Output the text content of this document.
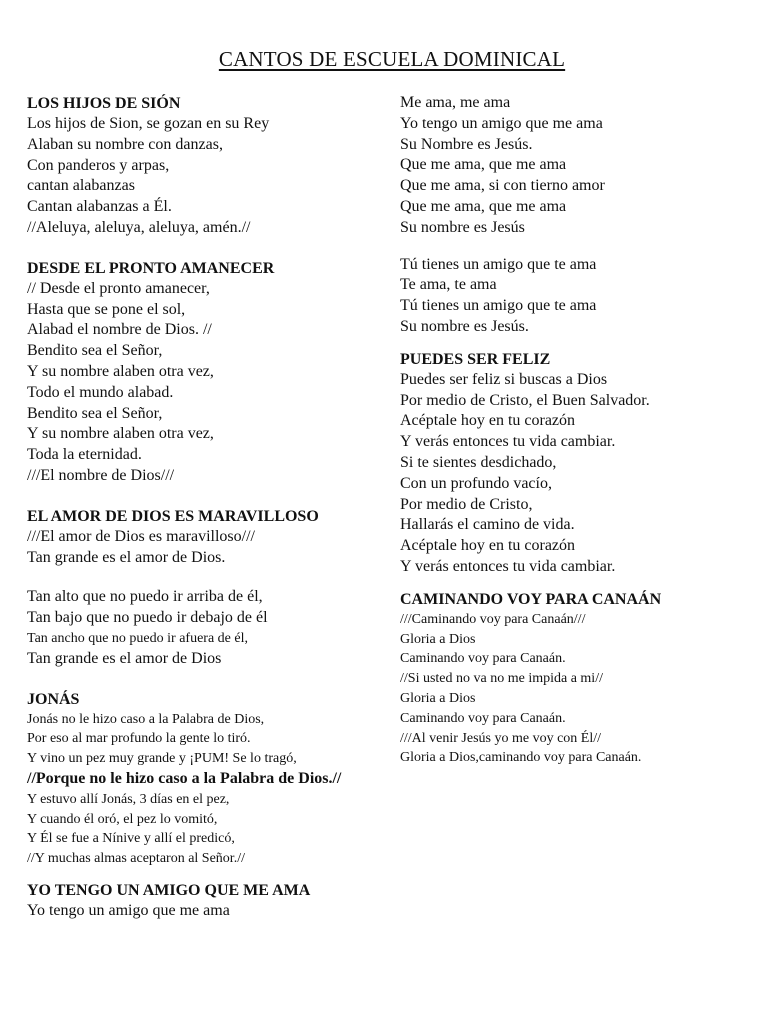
CANTOS DE ESCUELA DOMINICAL
LOS HIJOS DE SIÓN
Los hijos de Sion, se gozan en su Rey
Alaban su nombre con danzas,
Con panderos y arpas,
cantan alabanzas
Cantan alabanzas a Él.
//Aleluya, aleluya, aleluya, amén.//
DESDE EL PRONTO AMANECER
// Desde el pronto amanecer,
Hasta que se pone el sol,
Alabad el nombre de Dios. //
Bendito sea el Señor,
Y su nombre alaben otra vez,
Todo el mundo alabad.
Bendito sea el Señor,
Y su nombre alaben otra vez,
Toda la eternidad.
///El nombre de Dios///
EL AMOR DE DIOS ES MARAVILLOSO
///El amor de Dios es maravilloso///
Tan grande es el amor de Dios.
Tan alto que no puedo ir arriba de él,
Tan bajo que no puedo ir debajo de él
Tan ancho que no puedo ir afuera de él,
Tan grande es el amor de Dios
JONÁS
Jonás no le hizo caso a la Palabra de Dios,
Por eso al mar profundo la gente lo tiró.
Y vino un pez muy grande y ¡PUM! Se lo tragó,
//Porque no le hizo caso a la Palabra de Dios.//
Y estuvo allí Jonás, 3 días en el pez,
Y cuando él oró, el pez lo vomitó,
Y Él se fue a Nínive y allí el predicó,
//Y muchas almas aceptaron al Señor.//
YO TENGO UN AMIGO QUE ME AMA
Yo tengo un amigo que me ama
Me ama, me ama
Yo tengo un amigo que me ama
Su Nombre es Jesús.
Que me ama, que me ama
Que me ama, si con tierno amor
Que me ama, que me ama
Su nombre es Jesús
Tú tienes un amigo que te ama
Te ama, te ama
Tú tienes un amigo que te ama
Su nombre es Jesús.
PUEDES SER FELIZ
Puedes ser feliz si buscas a Dios
Por medio de Cristo, el Buen Salvador.
Acéptale hoy en tu corazón
Y verás entonces tu vida cambiar.
Si te sientes desdichado,
Con un profundo vacío,
Por medio de Cristo,
Hallarás el camino de vida.
Acéptale hoy en tu corazón
Y verás entonces tu vida cambiar.
CAMINANDO VOY PARA CANAÁN
///Caminando voy para Canaán///
Gloria a Dios
Caminando voy para Canaán.
//Si usted no va no me impida a mi//
Gloria a Dios
Caminando voy para Canaán.
///Al venir Jesús yo me voy con Él//
Gloria a Dios,caminando voy para Canaán.
